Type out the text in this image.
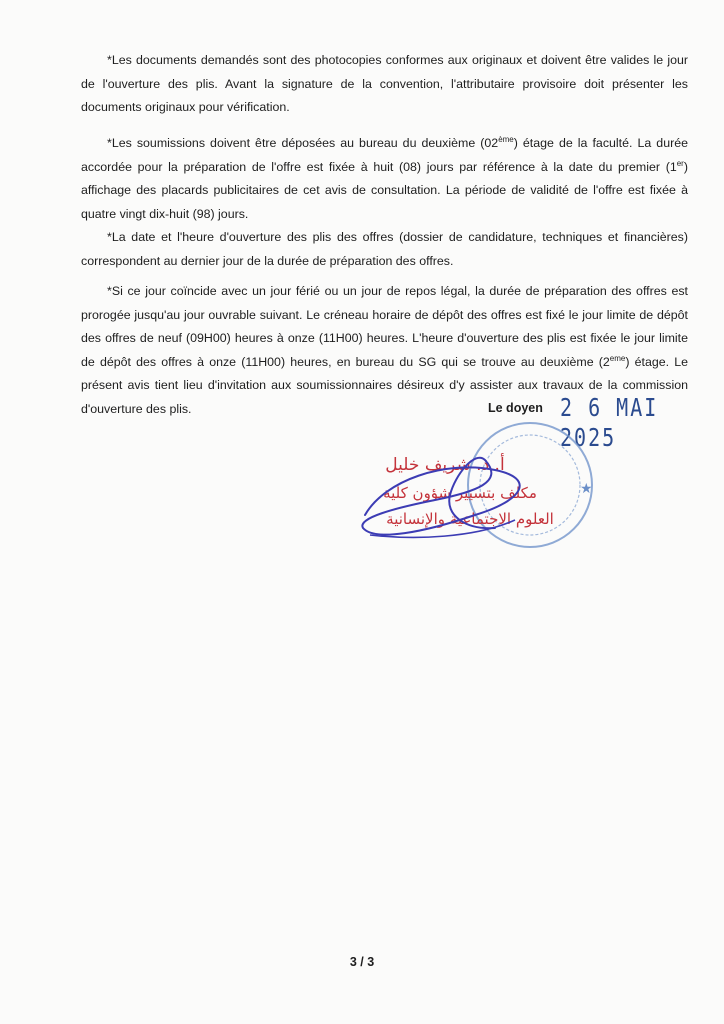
*Les documents demandés sont des photocopies conformes aux originaux et doivent être valides le jour de l'ouverture des plis. Avant la signature de la convention, l'attributaire provisoire doit présenter les documents originaux pour vérification.

*Les soumissions doivent être déposées au bureau du deuxième (02ème) étage de la faculté. La durée accordée pour la préparation de l'offre est fixée à huit (08) jours par référence à la date du premier (1er) affichage des placards publicitaires de cet avis de consultation. La période de validité de l'offre est fixée à quatre vingt dix-huit (98) jours.

*La date et l'heure d'ouverture des plis des offres (dossier de candidature, techniques et financières) correspondent au dernier jour de la durée de préparation des offres.

*Si ce jour coïncide avec un jour férié ou un jour de repos légal, la durée de préparation des offres est prorogée jusqu'au jour ouvrable suivant. Le créneau horaire de dépôt des offres est fixé le jour limite de dépôt des offres de neuf (09H00) heures à onze (11H00) heures. L'heure d'ouverture des plis est fixée le jour limite de dépôt des offres à onze (11H00) heures, en bureau du SG qui se trouve au deuxième (2eme) étage. Le présent avis tient lieu d'invitation aux soumissionnaires désireux d'y assister aux travaux de la commission d'ouverture des plis.	Le doyen 2 6 MAI 2025
★
أ. د. شريف خليل
مكلف بتسيير شؤون كلية
العلوم الاجتماعية والإنسانية
3 / 3
